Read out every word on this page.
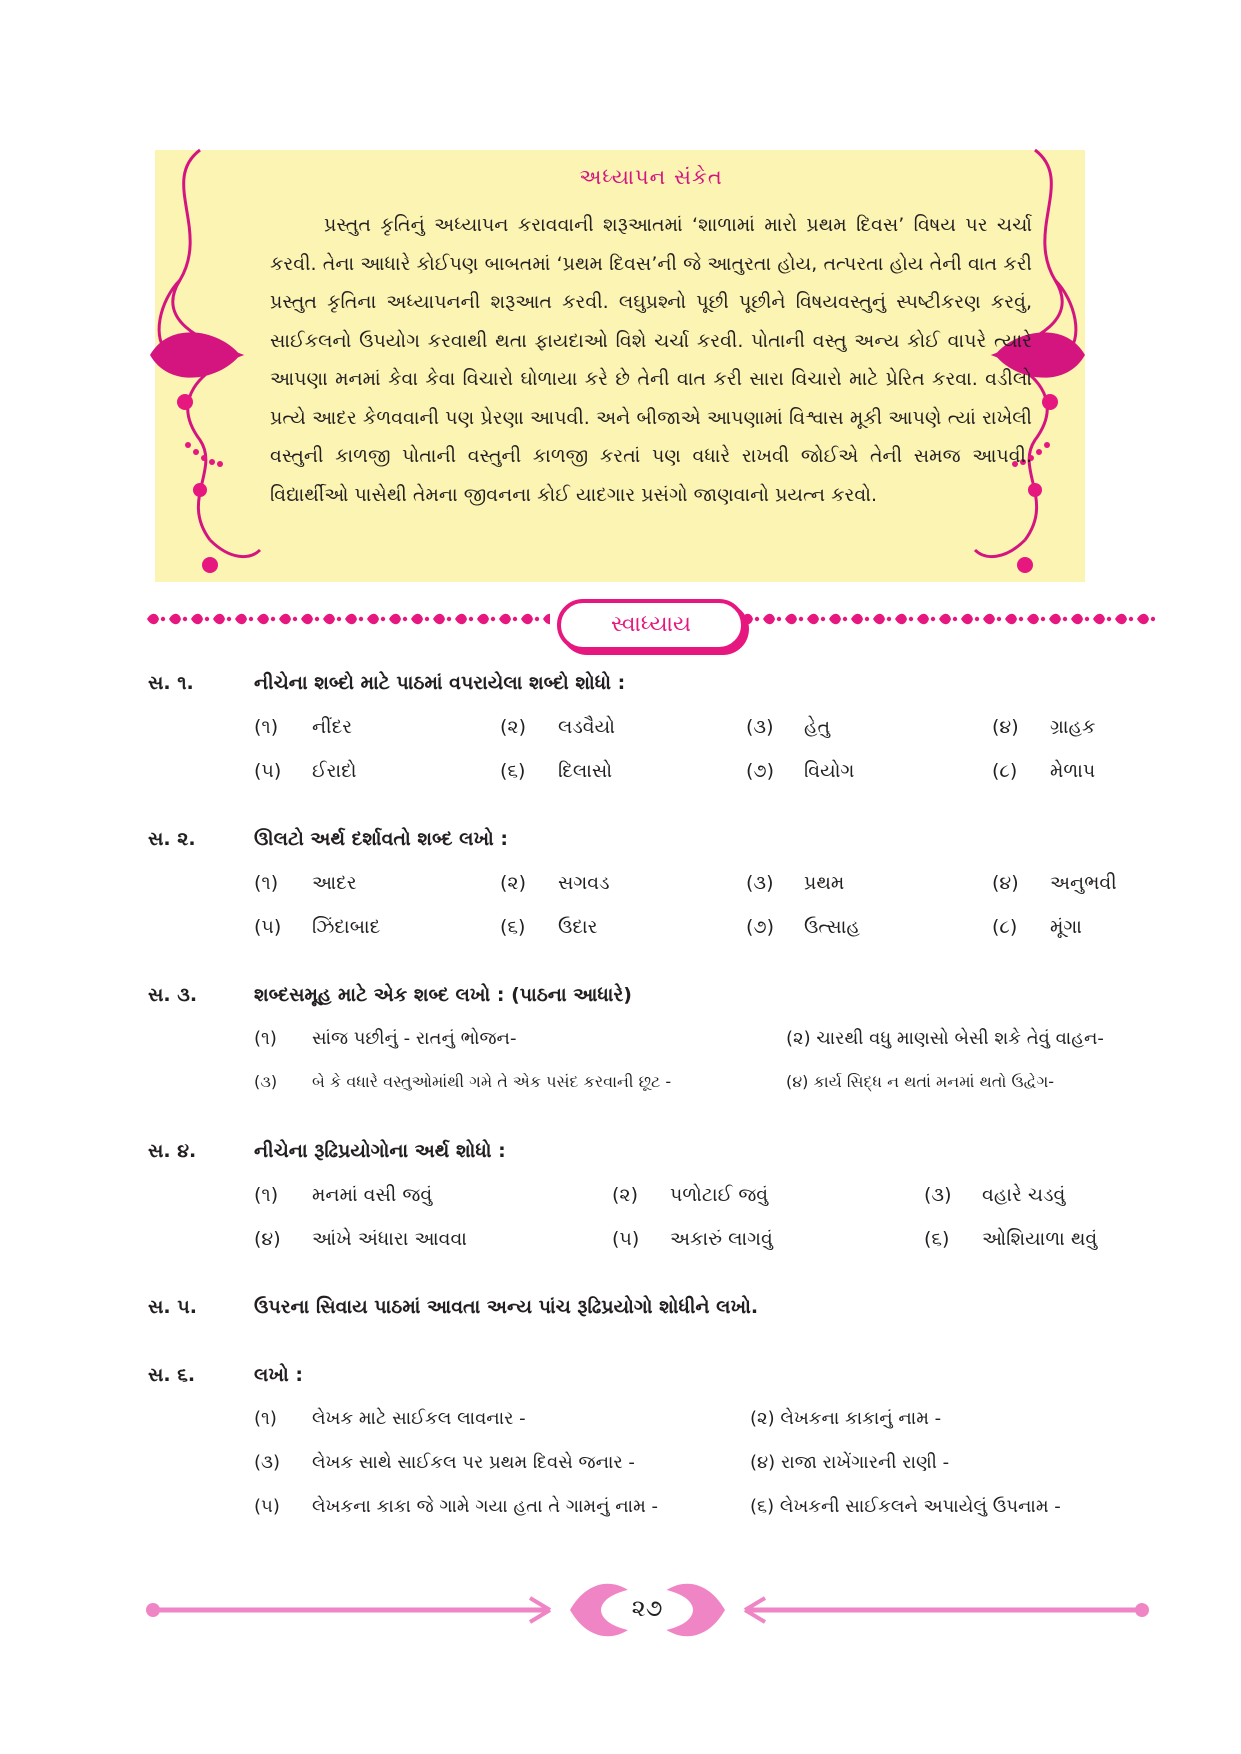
અધ્યાપન સંકેત

પ્રસ્તુત કૃતિનું અધ્યાપન કરાવવાની શરૂઆતમાં ‘શાળામાં મારો પ્રથમ દિવસ’ વિષય પર ચર્ચા કરવી. તેના આધારે કોઈપણ બાબતમાં ‘પ્રથમ દિવસ’ની જે આતુરતા હોય, તત્પરતા હોય તેની વાત કરી પ્રસ્તુત કૃતિના અધ્યાપનની શરૂઆત કરવી. લઘુપ્રશ્નો પૂછી પૂછીને વિષયવસ્તુનું સ્પષ્ટીકરણ કરવું, સાઈકલનો ઉપયોગ કરવાથી થતા ફાયદાઓ વિશે ચર્ચા કરવી. પોતાની વસ્તુ અન્ય કોઈ વાપરે ત્યારે આપણા મનમાં કેવા કેવા વિચારો ઘોળાયા કરે છે તેની વાત કરી સારા વિચારો માટે પ્રેરિત કરવા. વડીલો પ્રત્યે આદર કેળવવાની પણ પ્રેરણા આપવી. અને બીજાએ આપણામાં વિશ્વાસ મૂકી આપણે ત્યાં રાખેલી વસ્તુની કાળજી પોતાની વસ્તુની કાળજી કરતાં પણ વધારે રાખવી જોઈએ તેની સમજ આપવી. વિદ્યાર્થીઓ પાસેથી તેમના જીવનના કોઈ યાદગાર પ્રસંગો જાણવાનો પ્રયત્ન કરવો.

સ્વાધ્યાય
સ. ૧.	નીચેના શબ્દો માટે પાઠમાં વપરાયેલા શબ્દો શોધો :
(૧) નીંદર	(૨) લડવૈયો	(૩) હેતુ	(૪) ગ્રાહક
(૫) ઈરાદો	(૬) દિલાસો	(૭) વિયોગ	(૮) મેળાપ
સ. ૨.	ઊલટો અર્થ દર્શાવતો શબ્દ લખો :
(૧) આદર	(૨) સગવડ	(૩) પ્રથમ	(૪) અનુભવી
(૫) ઝિંદાબાદ	(૬) ઉદાર	(૭) ઉત્સાહ	(૮) મૂંગા
સ. ૩.	શબ્દસમૂહ માટે એક શબ્દ લખો : (પાઠના આધારે)
(૧) સાંજ પછીનું - રાતનું ભોજન-	(૨) ચારથી વધુ માણસો બેસી શકે તેવું વાહન-
(૩) બે કે વધારે વસ્તુઓમાંથી ગમે તે એક પસંદ કરવાની છૂટ -	(૪) કાર્ય સિદ્ધ ન થતાં મનમાં થતો ઉદ્વેગ-
સ. ૪.	નીચેના રૂઢિપ્રયોગોના અર્થ શોધો :
(૧) મનમાં વસી જવું	(૨) પળોટાઈ જવું	(૩) વહારે ચડવું
(૪) આંખે અંધારા આવવા	(૫) અકારું લાગવું	(૬) ઓશિયાળા થવું
સ. ૫.	ઉપરના સિવાય પાઠમાં આવતા અન્ય પાંચ રૂઢિપ્રયોગો શોધીને લખો.
સ. ૬.	લખો :
(૧) લેખક માટે સાઈકલ લાવનાર -	(૨) લેખકના કાકાનું નામ -
(૩) લેખક સાથે સાઈકલ પર પ્રથમ દિવસે જનાર -	(૪) રાજા રાખેંગારની રાણી -
(૫) લેખકના કાકા જે ગામે ગયા હતા તે ગામનું નામ -	(૬) લેખકની સાઈકલને અપાયેલું ઉપનામ -
૨૭
